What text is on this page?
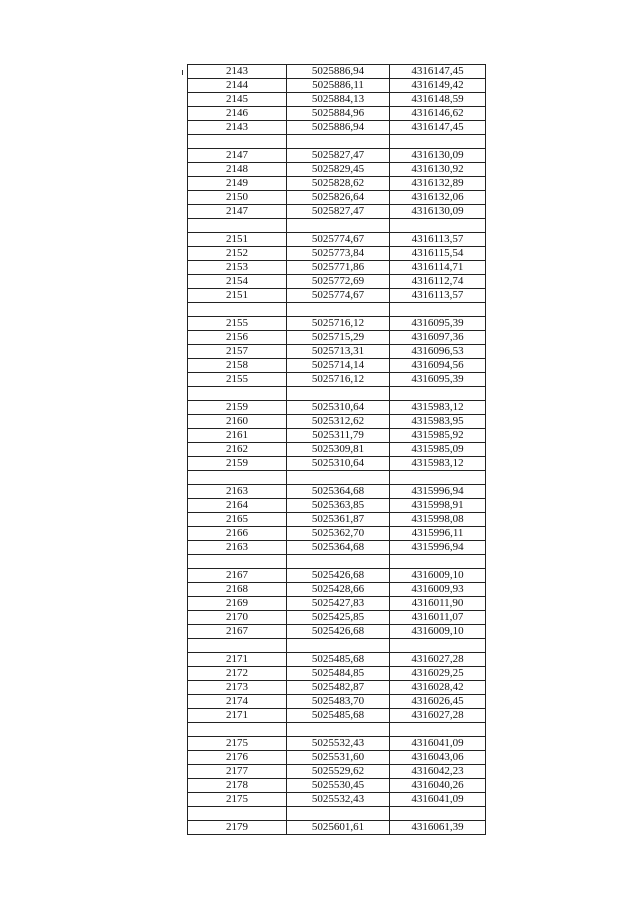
2143	5025886,94	4316147,45
2144	5025886,11	4316149,42
2145	5025884,13	4316148,59
2146	5025884,96	4316146,62
2143	5025886,94	4316147,45

2147	5025827,47	4316130,09
2148	5025829,45	4316130,92
2149	5025828,62	4316132,89
2150	5025826,64	4316132,06
2147	5025827,47	4316130,09

2151	5025774,67	4316113,57
2152	5025773,84	4316115,54
2153	5025771,86	4316114,71
2154	5025772,69	4316112,74
2151	5025774,67	4316113,57

2155	5025716,12	4316095,39
2156	5025715,29	4316097,36
2157	5025713,31	4316096,53
2158	5025714,14	4316094,56
2155	5025716,12	4316095,39

2159	5025310,64	4315983,12
2160	5025312,62	4315983,95
2161	5025311,79	4315985,92
2162	5025309,81	4315985,09
2159	5025310,64	4315983,12

2163	5025364,68	4315996,94
2164	5025363,85	4315998,91
2165	5025361,87	4315998,08
2166	5025362,70	4315996,11
2163	5025364,68	4315996,94

2167	5025426,68	4316009,10
2168	5025428,66	4316009,93
2169	5025427,83	4316011,90
2170	5025425,85	4316011,07
2167	5025426,68	4316009,10

2171	5025485,68	4316027,28
2172	5025484,85	4316029,25
2173	5025482,87	4316028,42
2174	5025483,70	4316026,45
2171	5025485,68	4316027,28

2175	5025532,43	4316041,09
2176	5025531,60	4316043,06
2177	5025529,62	4316042,23
2178	5025530,45	4316040,26
2175	5025532,43	4316041,09

2179	5025601,61	4316061,39
